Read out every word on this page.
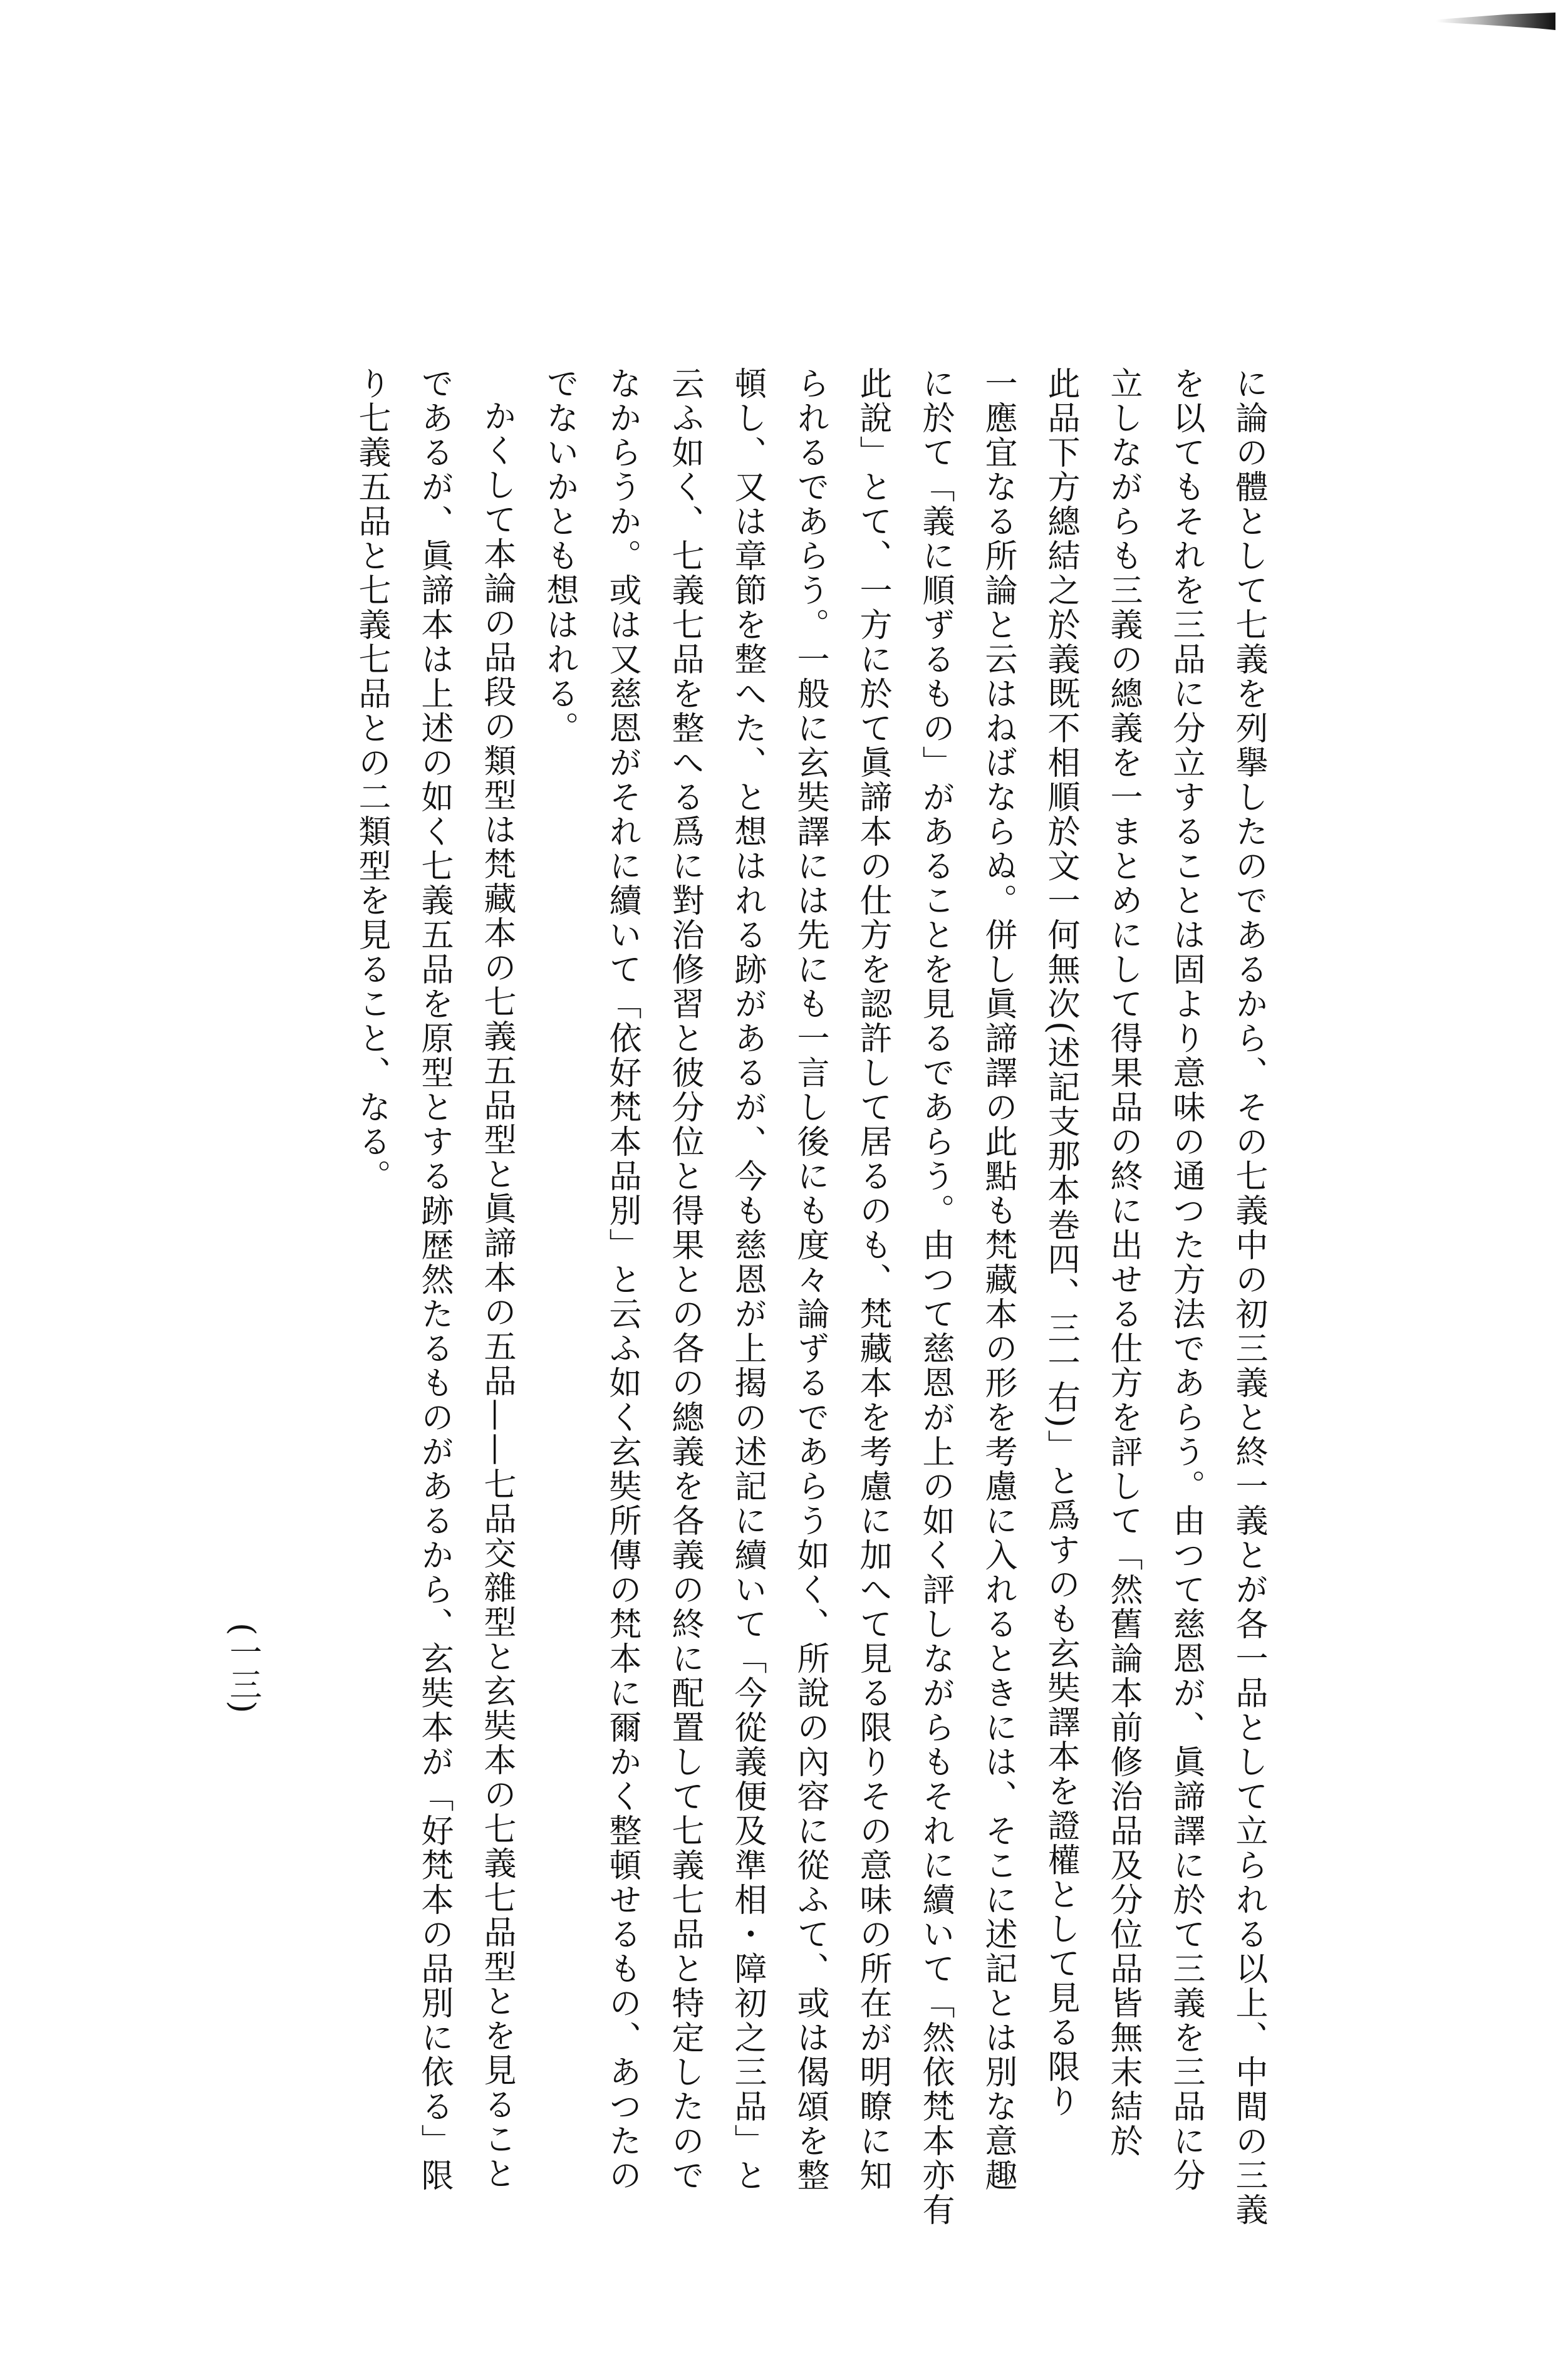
に論の體として七義を列擧したのであるから、その七義中の初三義と終一義とが各一品として立られる以上、中間の三義
を以てもそれを三品に分立することは固より意味の通つた方法であらう。由つて慈恩が、眞諦譯に於て三義を三品に分
立しながらも三義の總義を一まとめにして得果品の終に出せる仕方を評して「然舊論本前修治品及分位品皆無末結於
此品下方總結之於義既不相順於文一何無次(述記支那本巻四、三一右)」と爲すのも玄奘譯本を證權として見る限り
一應宜なる所論と云はねばならぬ。併し眞諦譯の此點も梵藏本の形を考慮に入れるときには、そこに述記とは別な意趣
に於て「義に順ずるもの」があることを見るであらう。由つて慈恩が上の如く評しながらもそれに續いて「然依梵本亦有
此說」とて、一方に於て眞諦本の仕方を認許して居るのも、梵藏本を考慮に加へて見る限りその意味の所在が明瞭に知
られるであらう。一般に玄奘譯には先にも一言し後にも度々論ずるであらう如く、所說の內容に從ふて、或は偈頌を整
頓し、又は章節を整へた、と想はれる跡があるが、今も慈恩が上揭の述記に續いて「今從義便及準相・障初之三品」と
云ふ如く、七義七品を整へる爲に對治修習と彼分位と得果との各の總義を各義の終に配置して七義七品と特定したので
なからうか。或は又慈恩がそれに續いて「依好梵本品別」と云ふ如く玄奘所傳の梵本に爾かく整頓せるもの、あつたの
でないかとも想はれる。
かくして本論の品段の類型は梵藏本の七義五品型と眞諦本の五品——七品交雜型と玄奘本の七義七品型とを見ること
であるが、眞諦本は上述の如く七義五品を原型とする跡歴然たるものがあるから、玄奘本が「好梵本の品別に依る」限
り七義五品と七義七品との二類型を見ること、なる。
(一三)
